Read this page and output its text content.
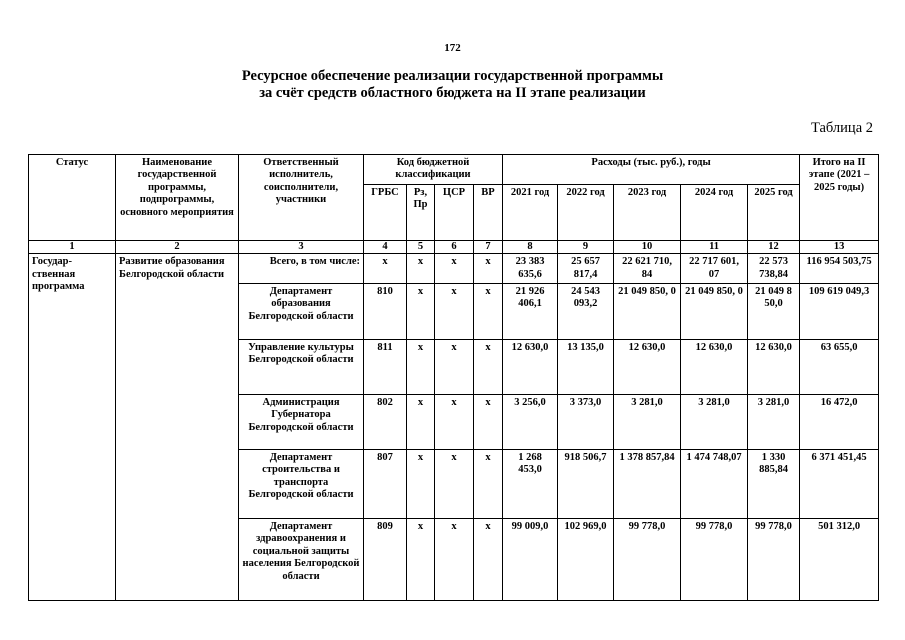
172
Ресурсное обеспечение реализации государственной программы
за счёт средств областного бюджета на II этапе реализации
Таблица 2
Статус	Наименование государственной программы, подпрограммы, основного мероприятия	Ответственный исполнитель, соисполнители, участники	Код бюджетной классификации				Расходы (тыс. руб.), годы					Итого на II этапе (2021 – 2025 годы)
			ГРБС	Рз, Пр	ЦСР	ВР	2021 год	2022 год	2023 год	2024 год	2025 год	
1	2	3	4	5	6	7	8	9	10	11	12	13
Государ-ственная программа	Развитие образования Белгородской области	Всего, в том числе:	х	х	х	х	23 383 635,6	25 657 817,4	22 621 710, 84	22 717 601, 07	22 573 738,84	116 954 503,75
		Департамент образования Белгородской области	810	х	х	х	21 926 406,1	24 543 093,2	21 049 850, 0	21 049 850, 0	21 049 8 50,0	109 619 049,3
		Управление культуры Белгородской области	811	х	х	х	12 630,0	13 135,0	12 630,0	12 630,0	12 630,0	63 655,0
		Администрация Губернатора Белгородской области	802	х	х	х	3 256,0	3 373,0	3 281,0	3 281,0	3 281,0	16 472,0
		Департамент строительства и транспорта Белгородской области	807	х	х	х	1 268 453,0	918 506,7	1 378 857,84	1 474 748,07	1 330 885,84	6 371 451,45
		Департамент здравоохранения и социальной защиты населения Белгородской области	809	х	х	х	99 009,0	102 969,0	99 778,0	99 778,0	99 778,0	501 312,0
